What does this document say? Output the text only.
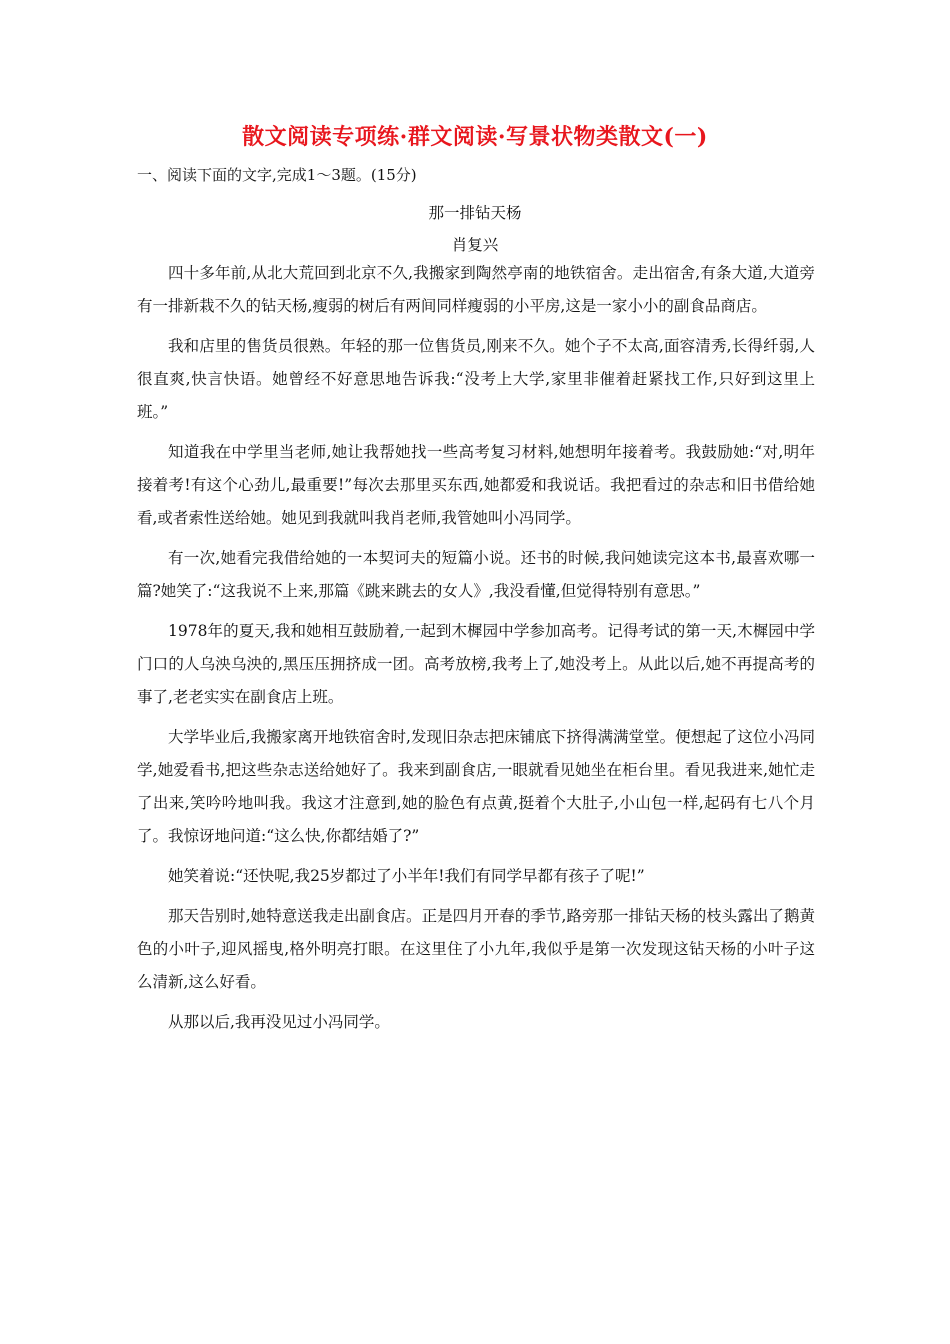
散文阅读专项练·群文阅读·写景状物类散文(一)
一、阅读下面的文字,完成1～3题。(15分)
那一排钻天杨
肖复兴

四十多年前,从北大荒回到北京不久,我搬家到陶然亭南的地铁宿舍。走出宿舍,有条大道,大道旁有一排新栽不久的钻天杨,瘦弱的树后有两间同样瘦弱的小平房,这是一家小小的副食品商店。

我和店里的售货员很熟。年轻的那一位售货员,刚来不久。她个子不太高,面容清秀,长得纤弱,人很直爽,快言快语。她曾经不好意思地告诉我:“没考上大学,家里非催着赶紧找工作,只好到这里上班。”

知道我在中学里当老师,她让我帮她找一些高考复习材料,她想明年接着考。我鼓励她:“对,明年接着考!有这个心劲儿,最重要!”每次去那里买东西,她都爱和我说话。我把看过的杂志和旧书借给她看,或者索性送给她。她见到我就叫我肖老师,我管她叫小冯同学。

有一次,她看完我借给她的一本契诃夫的短篇小说。还书的时候,我问她读完这本书,最喜欢哪一篇?她笑了:“这我说不上来,那篇《跳来跳去的女人》,我没看懂,但觉得特别有意思。”

1978年的夏天,我和她相互鼓励着,一起到木樨园中学参加高考。记得考试的第一天,木樨园中学门口的人乌泱乌泱的,黑压压拥挤成一团。高考放榜,我考上了,她没考上。从此以后,她不再提高考的事了,老老实实在副食店上班。

大学毕业后,我搬家离开地铁宿舍时,发现旧杂志把床铺底下挤得满满堂堂。便想起了这位小冯同学,她爱看书,把这些杂志送给她好了。我来到副食店,一眼就看见她坐在柜台里。看见我进来,她忙走了出来,笑吟吟地叫我。我这才注意到,她的脸色有点黄,挺着个大肚子,小山包一样,起码有七八个月了。我惊讶地问道:“这么快,你都结婚了?”

她笑着说:“还快呢,我25岁都过了小半年!我们有同学早都有孩子了呢!”

那天告别时,她特意送我走出副食店。正是四月开春的季节,路旁那一排钻天杨的枝头露出了鹅黄色的小叶子,迎风摇曳,格外明亮打眼。在这里住了小九年,我似乎是第一次发现这钻天杨的小叶子这么清新,这么好看。

从那以后,我再没见过小冯同学。
